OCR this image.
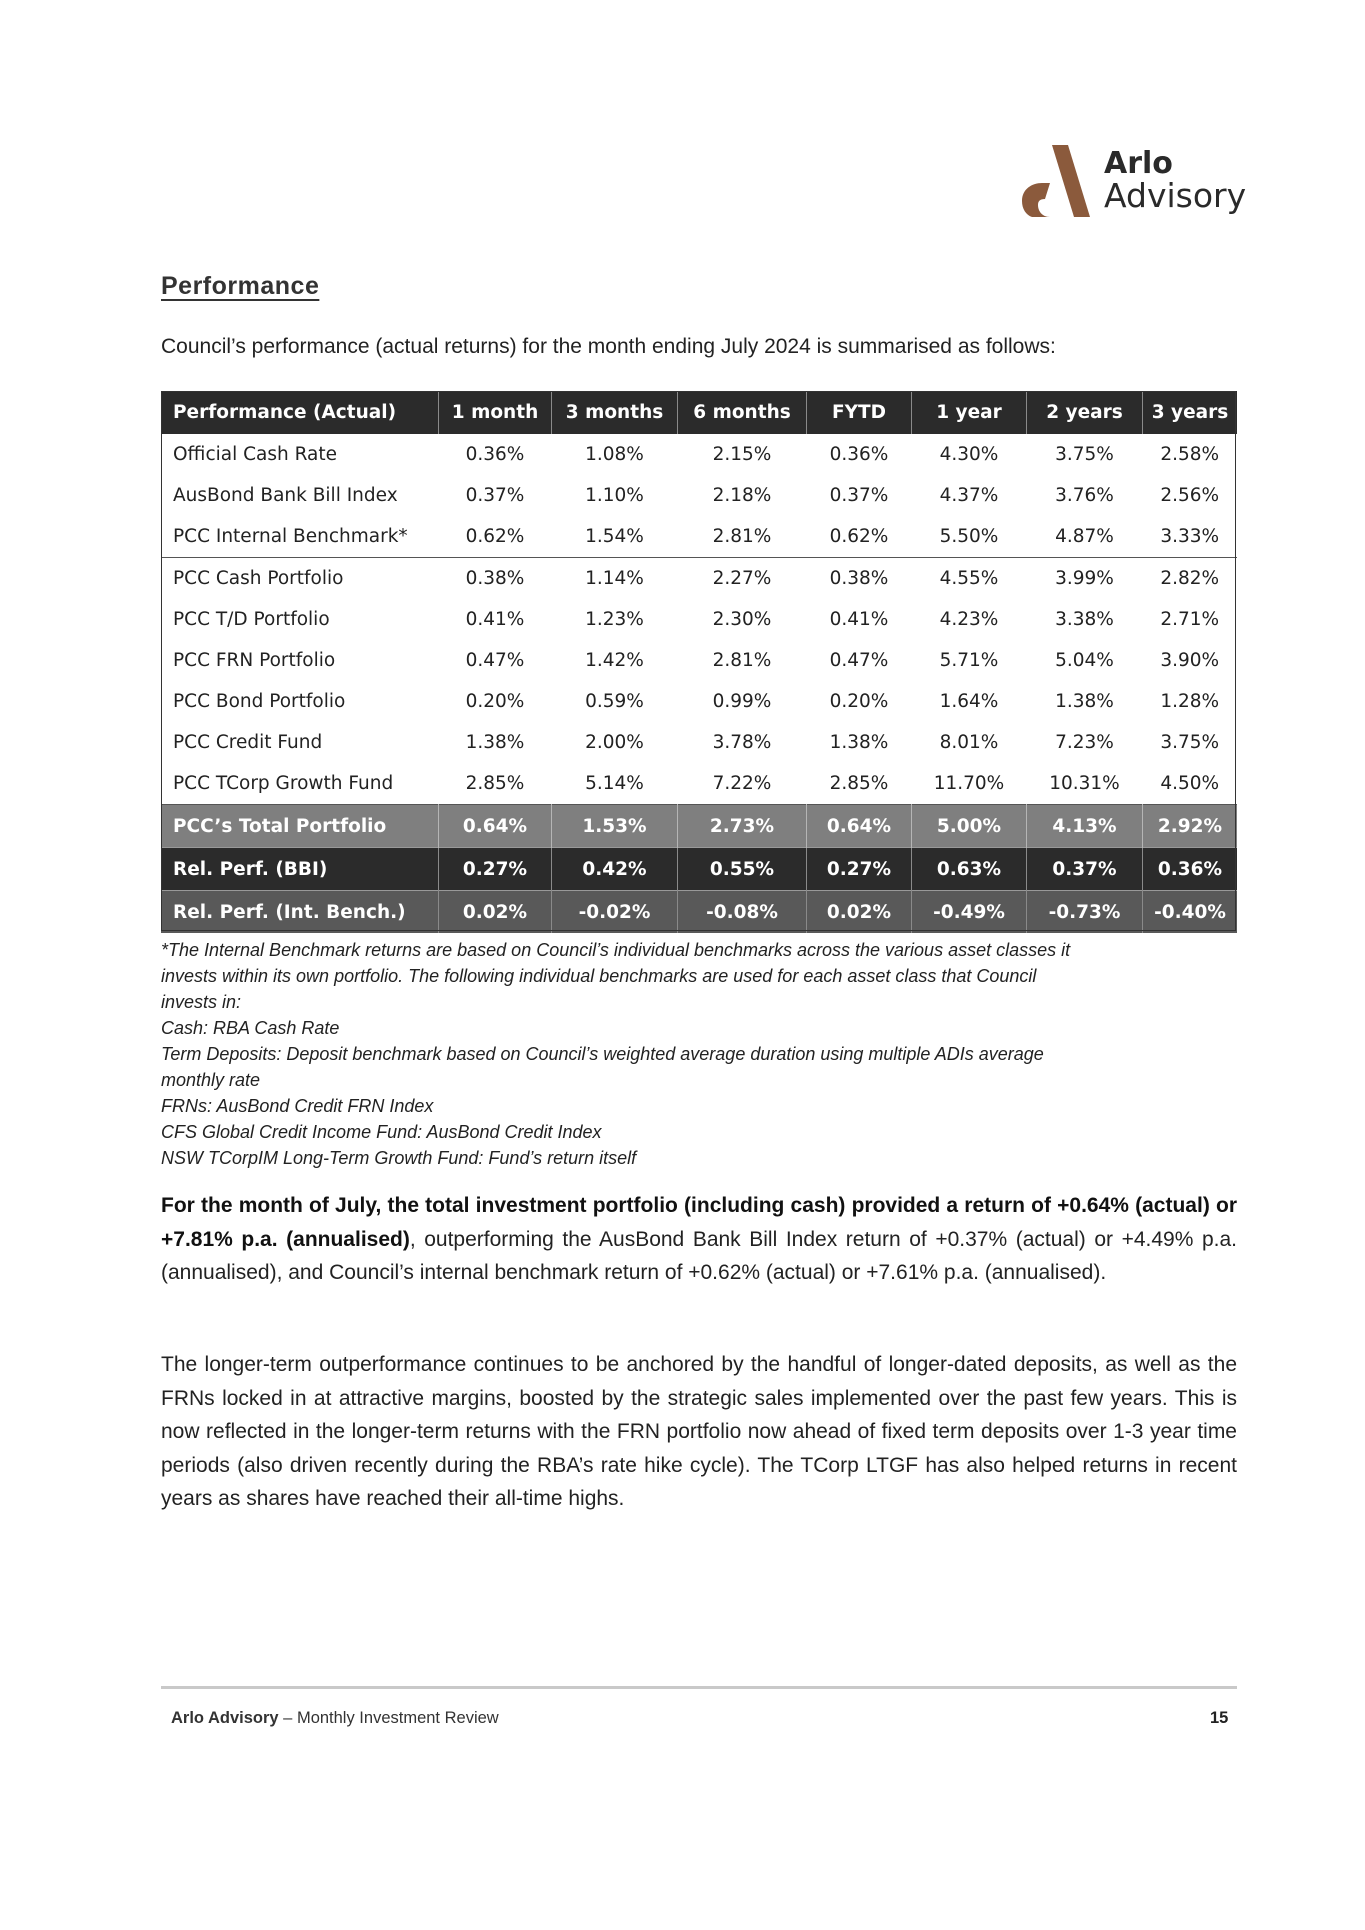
Arlo
Advisory
Performance
Council’s performance (actual returns) for the month ending July 2024 is summarised as follows:
Performance (Actual)	1 month	3 months	6 months	FYTD	1 year	2 years	3 years
Official Cash Rate	0.36%	1.08%	2.15%	0.36%	4.30%	3.75%	2.58%
AusBond Bank Bill Index	0.37%	1.10%	2.18%	0.37%	4.37%	3.76%	2.56%
PCC Internal Benchmark*	0.62%	1.54%	2.81%	0.62%	5.50%	4.87%	3.33%
PCC Cash Portfolio	0.38%	1.14%	2.27%	0.38%	4.55%	3.99%	2.82%
PCC T/D Portfolio	0.41%	1.23%	2.30%	0.41%	4.23%	3.38%	2.71%
PCC FRN Portfolio	0.47%	1.42%	2.81%	0.47%	5.71%	5.04%	3.90%
PCC Bond Portfolio	0.20%	0.59%	0.99%	0.20%	1.64%	1.38%	1.28%
PCC Credit Fund	1.38%	2.00%	3.78%	1.38%	8.01%	7.23%	3.75%
PCC TCorp Growth Fund	2.85%	5.14%	7.22%	2.85%	11.70%	10.31%	4.50%
PCC’s Total Portfolio	0.64%	1.53%	2.73%	0.64%	5.00%	4.13%	2.92%
Rel. Perf. (BBI)	0.27%	0.42%	0.55%	0.27%	0.63%	0.37%	0.36%
Rel. Perf. (Int. Bench.)	0.02%	-0.02%	-0.08%	0.02%	-0.49%	-0.73%	-0.40%
*The Internal Benchmark returns are based on Council’s individual benchmarks across the various asset classes it
invests within its own portfolio. The following individual benchmarks are used for each asset class that Council
invests in:
Cash: RBA Cash Rate
Term Deposits: Deposit benchmark based on Council’s weighted average duration using multiple ADIs average
monthly rate
FRNs: AusBond Credit FRN Index
CFS Global Credit Income Fund: AusBond Credit Index
NSW TCorpIM Long-Term Growth Fund: Fund’s return itself
For the month of July, the total investment portfolio (including cash) provided a return of +0.64% (actual) or +7.81% p.a. (annualised), outperforming the AusBond Bank Bill Index return of +0.37% (actual) or +4.49% p.a. (annualised), and Council’s internal benchmark return of +0.62% (actual) or +7.61% p.a. (annualised).
The longer-term outperformance continues to be anchored by the handful of longer-dated deposits, as well as the FRNs locked in at attractive margins, boosted by the strategic sales implemented over the past few years. This is now reflected in the longer-term returns with the FRN portfolio now ahead of fixed term deposits over 1-3 year time periods (also driven recently during the RBA’s rate hike cycle). The TCorp LTGF has also helped returns in recent years as shares have reached their all-time highs.
Arlo Advisory – Monthly Investment Review	15
